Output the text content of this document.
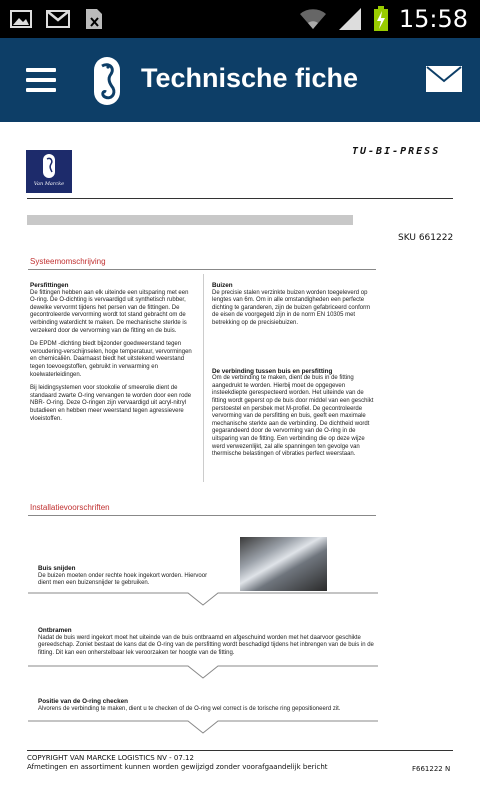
15:58
Technische fiche
Van Marcke
TU-BI-PRESS
SKU 661222
Systeemomschrijving
Persfittingen

De fittingen hebben aan elk uiteinde een uitsparing met een O-ring. De O-dichting is vervaardigd uit synthetisch rubber, dewelke vervormt tijdens het persen van de fittingen. De gecontroleerde vervorming wordt tot stand gebracht om de verbinding waterdicht te maken. De mechanische sterkte is verzekerd door de vervorming van de fitting en de buis.

De EPDM -dichting biedt bijzonder goedweerstand tegen veroudering-verschijnselen, hoge temperatuur, vervormingen en chemicaliën. Daarnaast biedt het uitstekend weerstand tegen toevoegstoffen, gebruikt in verwarming en koelwaterleidingen.

Bij leidingsystemen voor stookolie of smeerolie dient de standaard zwarte O-ring vervangen te worden door een rode NBR- O-ring. Deze O-ringen zijn vervaardigd uit acryl-nitryl butadieen en hebben meer weerstand tegen agressievere vloeistoffen.

Buizen

De precisie stalen verzinkte buizen worden toegeleverd op lengtes van 6m. Om in alle omstandigheden een perfecte dichting te garanderen, zijn de buizen gefabriceerd conform de eisen de voorgegeld zijn in de norm EN 10305 met betrekking op de precisiebuizen.

De verbinding tussen buis en persfitting

Om de verbinding te maken, dient de buis in de fitting aangedrukt te worden. Hierbij moet de opgegeven insteekdiepte gerespecteerd worden. Het uiteinde van de fitting wordt geperst op de buis door middel van een geschikt perstoestel en persbek met M-profiel. De gecontroleerde vervorming van de persfitting en buis, geeft een maximale mechanische sterkte aan de verbinding. De dichtheid wordt gegarandeerd door de vervorming van de O-ring in de uitsparing van de fitting. Een verbinding die op deze wijze werd verwezenlijkt, zal alle spanningen ten gevolge van thermische belastingen of vibraties perfect weerstaan.

Installatievoorschriften
Buis snijden

De buizen moeten onder rechte hoek ingekort worden. Hiervoor dient men een buizensnijder te gebruiken.

Ontbramen

Nadat de buis werd ingekort moet het uiteinde van de buis ontbraamd en afgeschuind worden met het daarvoor geschikte gereedschap. Zoniet bestaat de kans dat de O-ring van de persfitting wordt beschadigd tijdens het inbrengen van de buis in de fitting. Dit kan een onherstelbaar lek veroorzaken ter hoogte van de fitting.

Positie van de O-ring checken

Alvorens de verbinding te maken, dient u te checken of de O-ring wel correct is de torische ring gepositioneerd zit.

COPYRIGHT VAN MARCKE LOGISTICS NV - 07.12
Afmetingen en assortiment kunnen worden gewijzigd zonder voorafgaandelijk bericht	F661222 N
